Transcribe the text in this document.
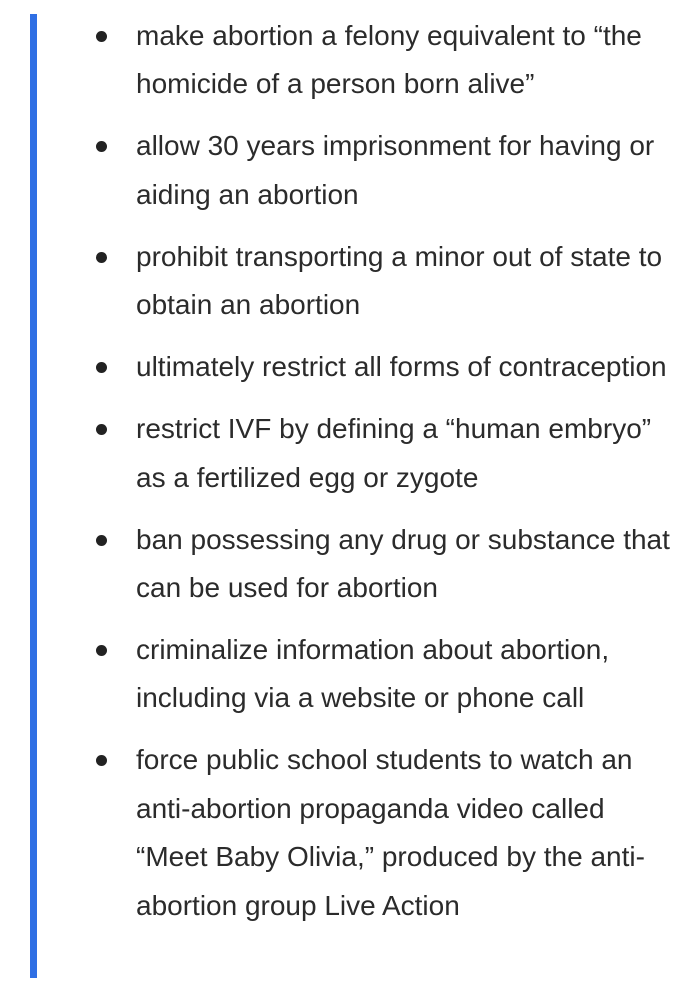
make abortion a felony equivalent to “the homicide of a person born alive”
allow 30 years imprisonment for having or aiding an abortion
prohibit transporting a minor out of state to obtain an abortion
ultimately restrict all forms of contraception
restrict IVF by defining a “human embryo” as a fertilized egg or zygote
ban possessing any drug or substance that can be used for abortion
criminalize information about abortion, including via a website or phone call
force public school students to watch an anti-abortion propaganda video called “Meet Baby Olivia,” produced by the anti-abortion group Live Action
